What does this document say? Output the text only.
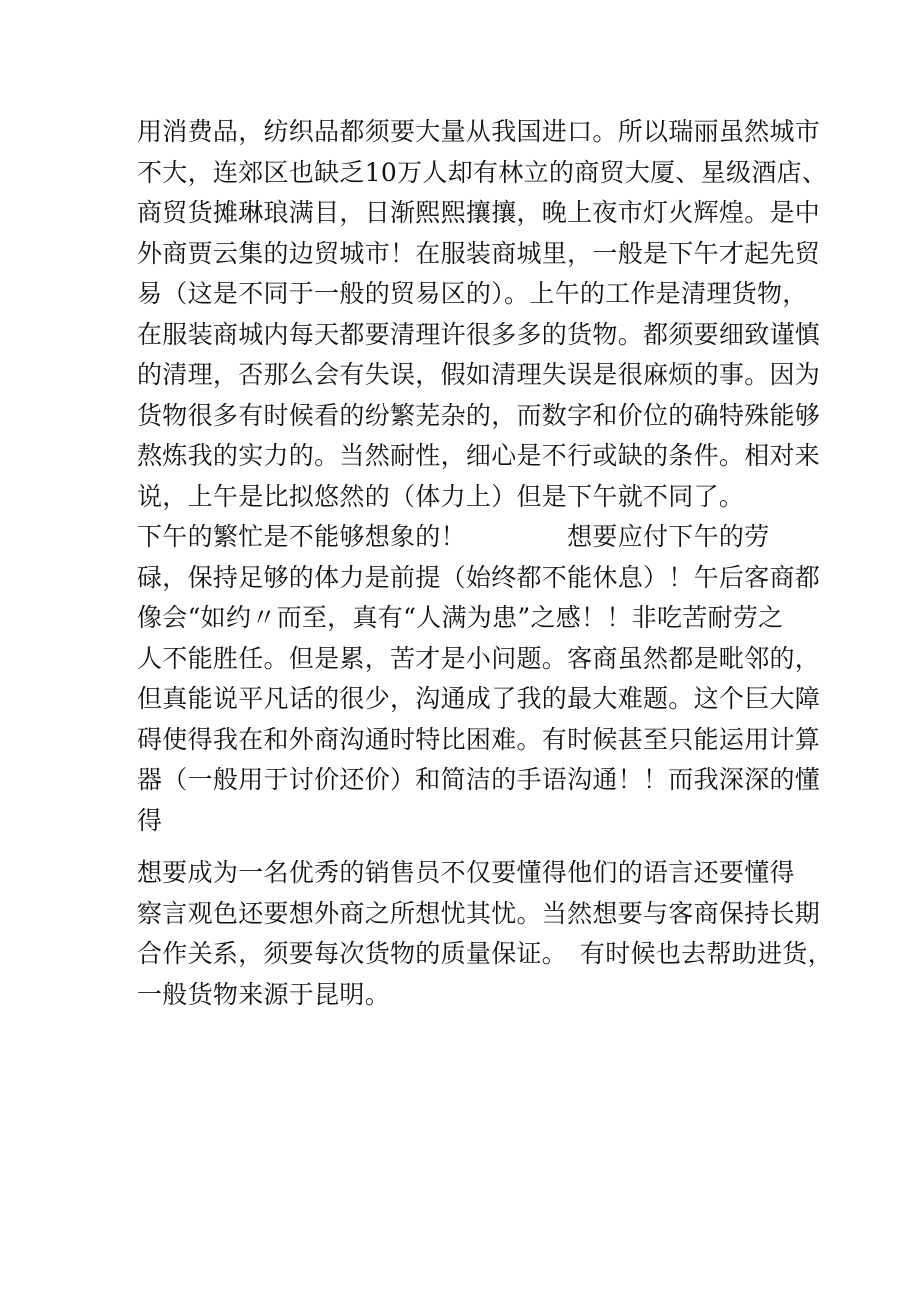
用消费品，纺织品都须要大量从我国进口。所以瑞丽虽然城市
不大，连郊区也缺乏10万人却有林立的商贸大厦、星级酒店、
商贸货摊琳琅满目，日渐熙熙攘攘，晚上夜市灯火辉煌。是中
外商贾云集的边贸城市！在服装商城里，一般是下午才起先贸
易（这是不同于一般的贸易区的）。上午的工作是清理货物，
在服装商城内每天都要清理许很多多的货物。都须要细致谨慎
的清理，否那么会有失误，假如清理失误是很麻烦的事。因为
货物很多有时候看的纷繁芜杂的，而数字和价位的确特殊能够
熬炼我的实力的。当然耐性，细心是不行或缺的条件。相对来
说，上午是比拟悠然的（体力上）但是下午就不同了。
下午的繁忙是不能够想象的！　　　　想要应付下午的劳
碌，保持足够的体力是前提（始终都不能休息）！午后客商都
像会“如约〃而至，真有“人满为患”之感！！非吃苦耐劳之
人不能胜任。但是累，苦才是小问题。客商虽然都是毗邻的，
但真能说平凡话的很少，沟通成了我的最大难题。这个巨大障
碍使得我在和外商沟通时特比困难。有时候甚至只能运用计算
器（一般用于讨价还价）和简洁的手语沟通！！而我深深的懂
得
想要成为一名优秀的销售员不仅要懂得他们的语言还要懂得
察言观色还要想外商之所想忧其忧。当然想要与客商保持长期
合作关系，须要每次货物的质量保证。　有时候也去帮助进货，
一般货物来源于昆明。
